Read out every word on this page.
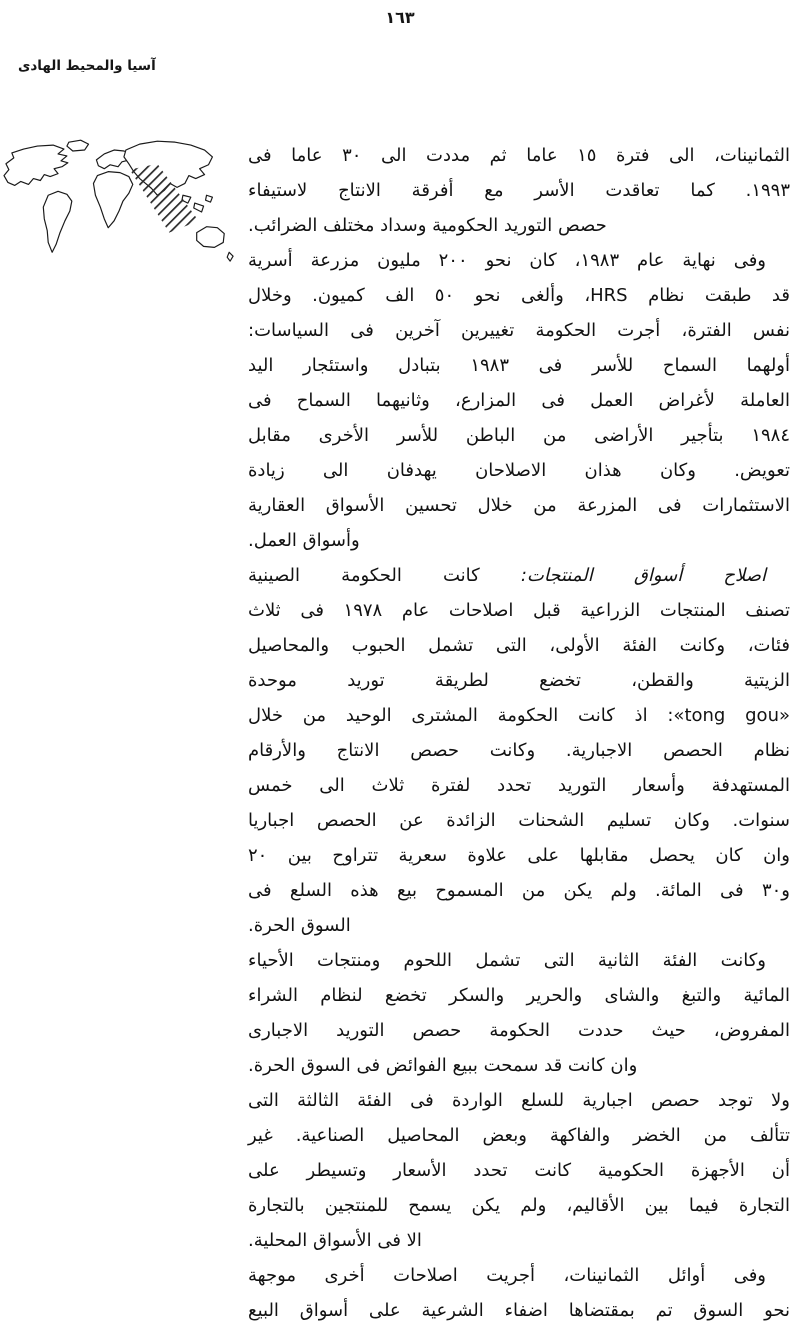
١٦٣
آسيا والمحيط الهادى
الثمانينات، الى فترة ١٥ عاما ثم مددت الى ٣٠ عاما فى
١٩٩٣. كما تعاقدت الأسر مع أفرقة الانتاج لاستيفاء
حصص التوريد الحكومية وسداد مختلف الضرائب.
وفى نهاية عام ١٩٨٣، كان نحو ٢٠٠ مليون مزرعة أسرية
قد طبقت نظام HRS، وألغى نحو ٥٠ الف كميون. وخلال
نفس الفترة، أجرت الحكومة تغييرين آخرين فى السياسات:
أولهما السماح للأسر فى ١٩٨٣ بتبادل واستئجار اليد
العاملة لأغراض العمل فى المزارع، وثانيهما السماح فى
١٩٨٤ بتأجير الأراضى من الباطن للأسر الأخرى مقابل
تعويض. وكان هذان الاصلاحان يهدفان الى زيادة
الاستثمارات فى المزرعة من خلال تحسين الأسواق العقارية
وأسواق العمل.
اصلاح أسواق المنتجات: كانت الحكومة الصينية
تصنف المنتجات الزراعية قبل اصلاحات عام ١٩٧٨ فى ثلاث
فئات، وكانت الفئة الأولى، التى تشمل الحبوب والمحاصيل
الزيتية والقطن، تخضع لطريقة توريد موحدة
«tong gou»: اذ كانت الحكومة المشترى الوحيد من خلال
نظام الحصص الاجبارية. وكانت حصص الانتاج والأرقام
المستهدفة وأسعار التوريد تحدد لفترة ثلاث الى خمس
سنوات. وكان تسليم الشحنات الزائدة عن الحصص اجباريا
وان كان يحصل مقابلها على علاوة سعرية تتراوح بين ٢٠
و٣٠ فى المائة. ولم يكن من المسموح بيع هذه السلع فى
السوق الحرة.
وكانت الفئة الثانية التى تشمل اللحوم ومنتجات الأحياء
المائية والتبغ والشاى والحرير والسكر تخضع لنظام الشراء
المفروض، حيث حددت الحكومة حصص التوريد الاجبارى
وان كانت قد سمحت ببيع الفوائض فى السوق الحرة.
ولا توجد حصص اجبارية للسلع الواردة فى الفئة الثالثة التى
تتألف من الخضر والفاكهة وبعض المحاصيل الصناعية. غير
أن الأجهزة الحكومية كانت تحدد الأسعار وتسيطر على
التجارة فيما بين الأقاليم، ولم يكن يسمح للمنتجين بالتجارة
الا فى الأسواق المحلية.
وفى أوائل الثمانينات، أجريت اصلاحات أخرى موجهة
نحو السوق تم بمقتضاها اضفاء الشرعية على أسواق البيع
